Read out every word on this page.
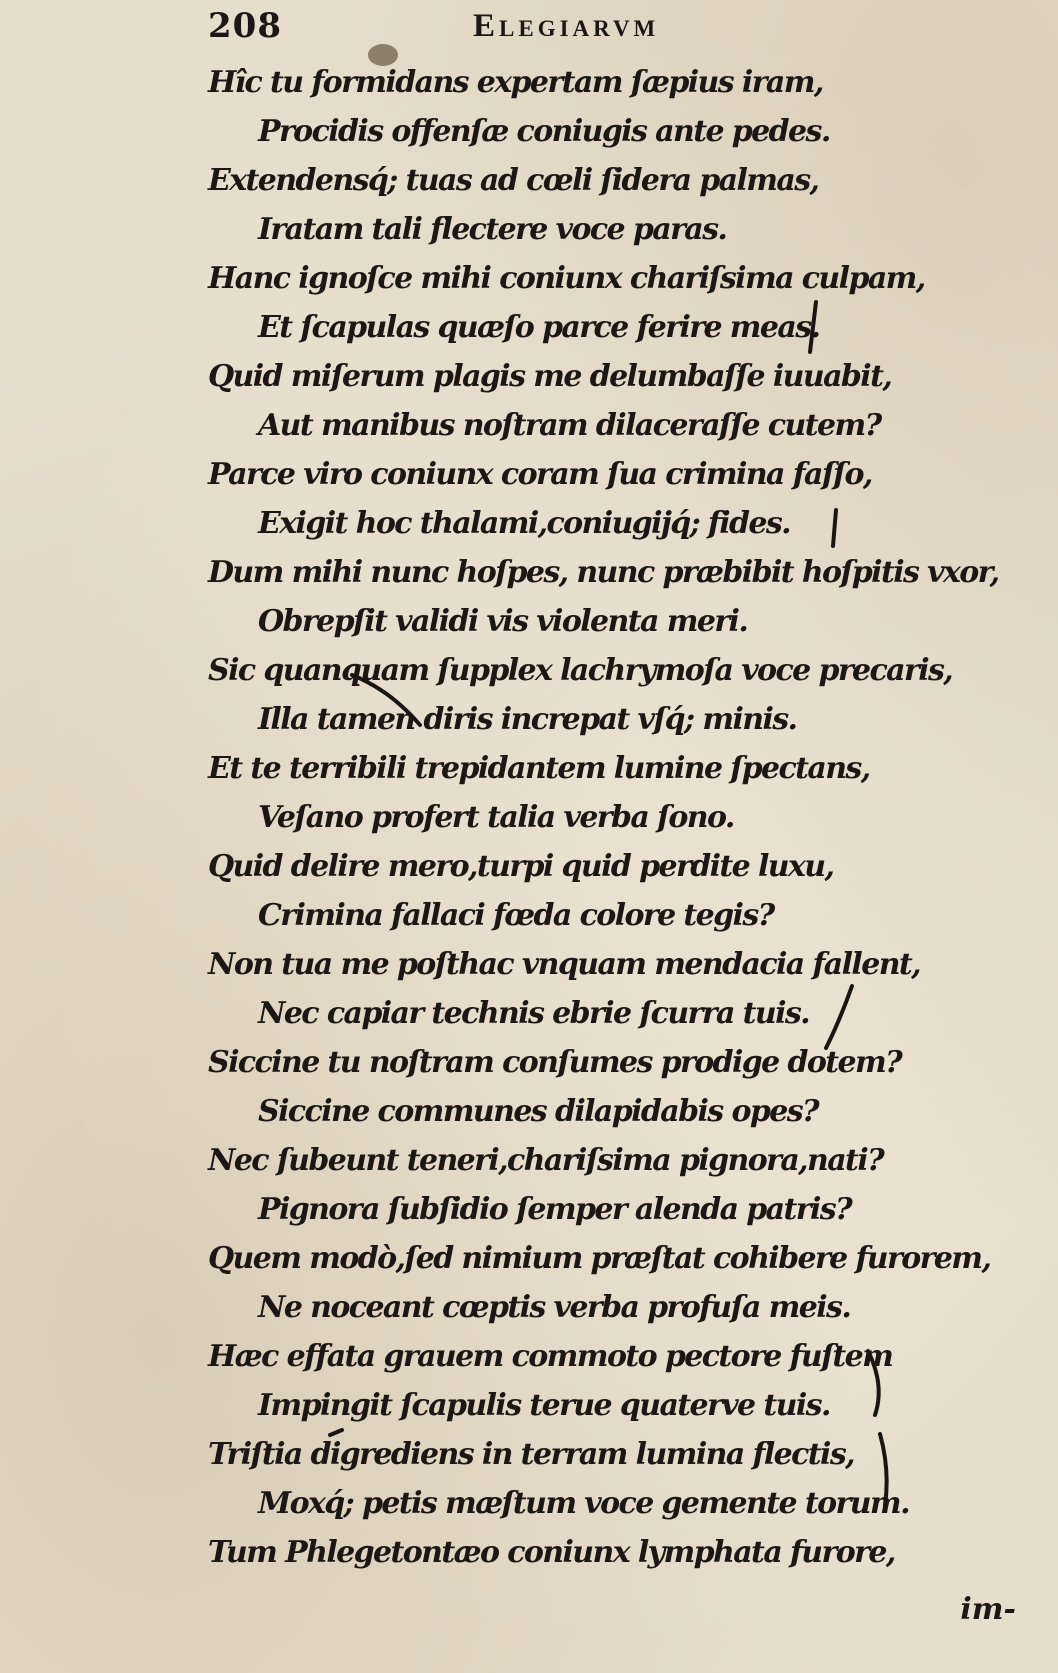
208	Elegiarvm
Hîc tu formidans expertam ſæpius iram,
Procidis offenſæ coniugis ante pedes.
Extendensq́; tuas ad cœli ſidera palmas,
Iratam tali flectere voce paras.
Hanc ignoſce mihi coniunx chariſsima culpam,
Et ſcapulas quæſo parce ferire meas.
Quid miſerum plagis me delumbaſſe iuuabit,
Aut manibus noſtram dilaceraſſe cutem?
Parce viro coniunx coram ſua crimina faſſo,
Exigit hoc thalami,coniugijq́; fides.
Dum mihi nunc hoſpes, nunc præbibit hoſpitis vxor,
Obrepſit validi vis violenta meri.
Sic quanquam ſupplex lachrymoſa voce precaris,
Illa tamen diris increpat vſq́; minis.
Et te terribili trepidantem lumine ſpectans,
Veſano profert talia verba ſono.
Quid delire mero,turpi quid perdite luxu,
Crimina fallaci fœda colore tegis?
Non tua me poſthac vnquam mendacia fallent,
Nec capiar technis ebrie ſcurra tuis.
Siccine tu noſtram conſumes prodige dotem?
Siccine communes dilapidabis opes?
Nec ſubeunt teneri,chariſsima pignora,nati?
Pignora ſubſidio ſemper alenda patris?
Quem modò,ſed nimium præſtat cohibere furorem,
Ne noceant cœptis verba profuſa meis.
Hæc effata grauem commoto pectore fuſtem
Impingit ſcapulis terue quaterve tuis.
Triſtia digrediens in terram lumina flectis,
Moxq́; petis mæſtum voce gemente torum.
Tum Phlegetontæo coniunx lymphata furore,
im-
